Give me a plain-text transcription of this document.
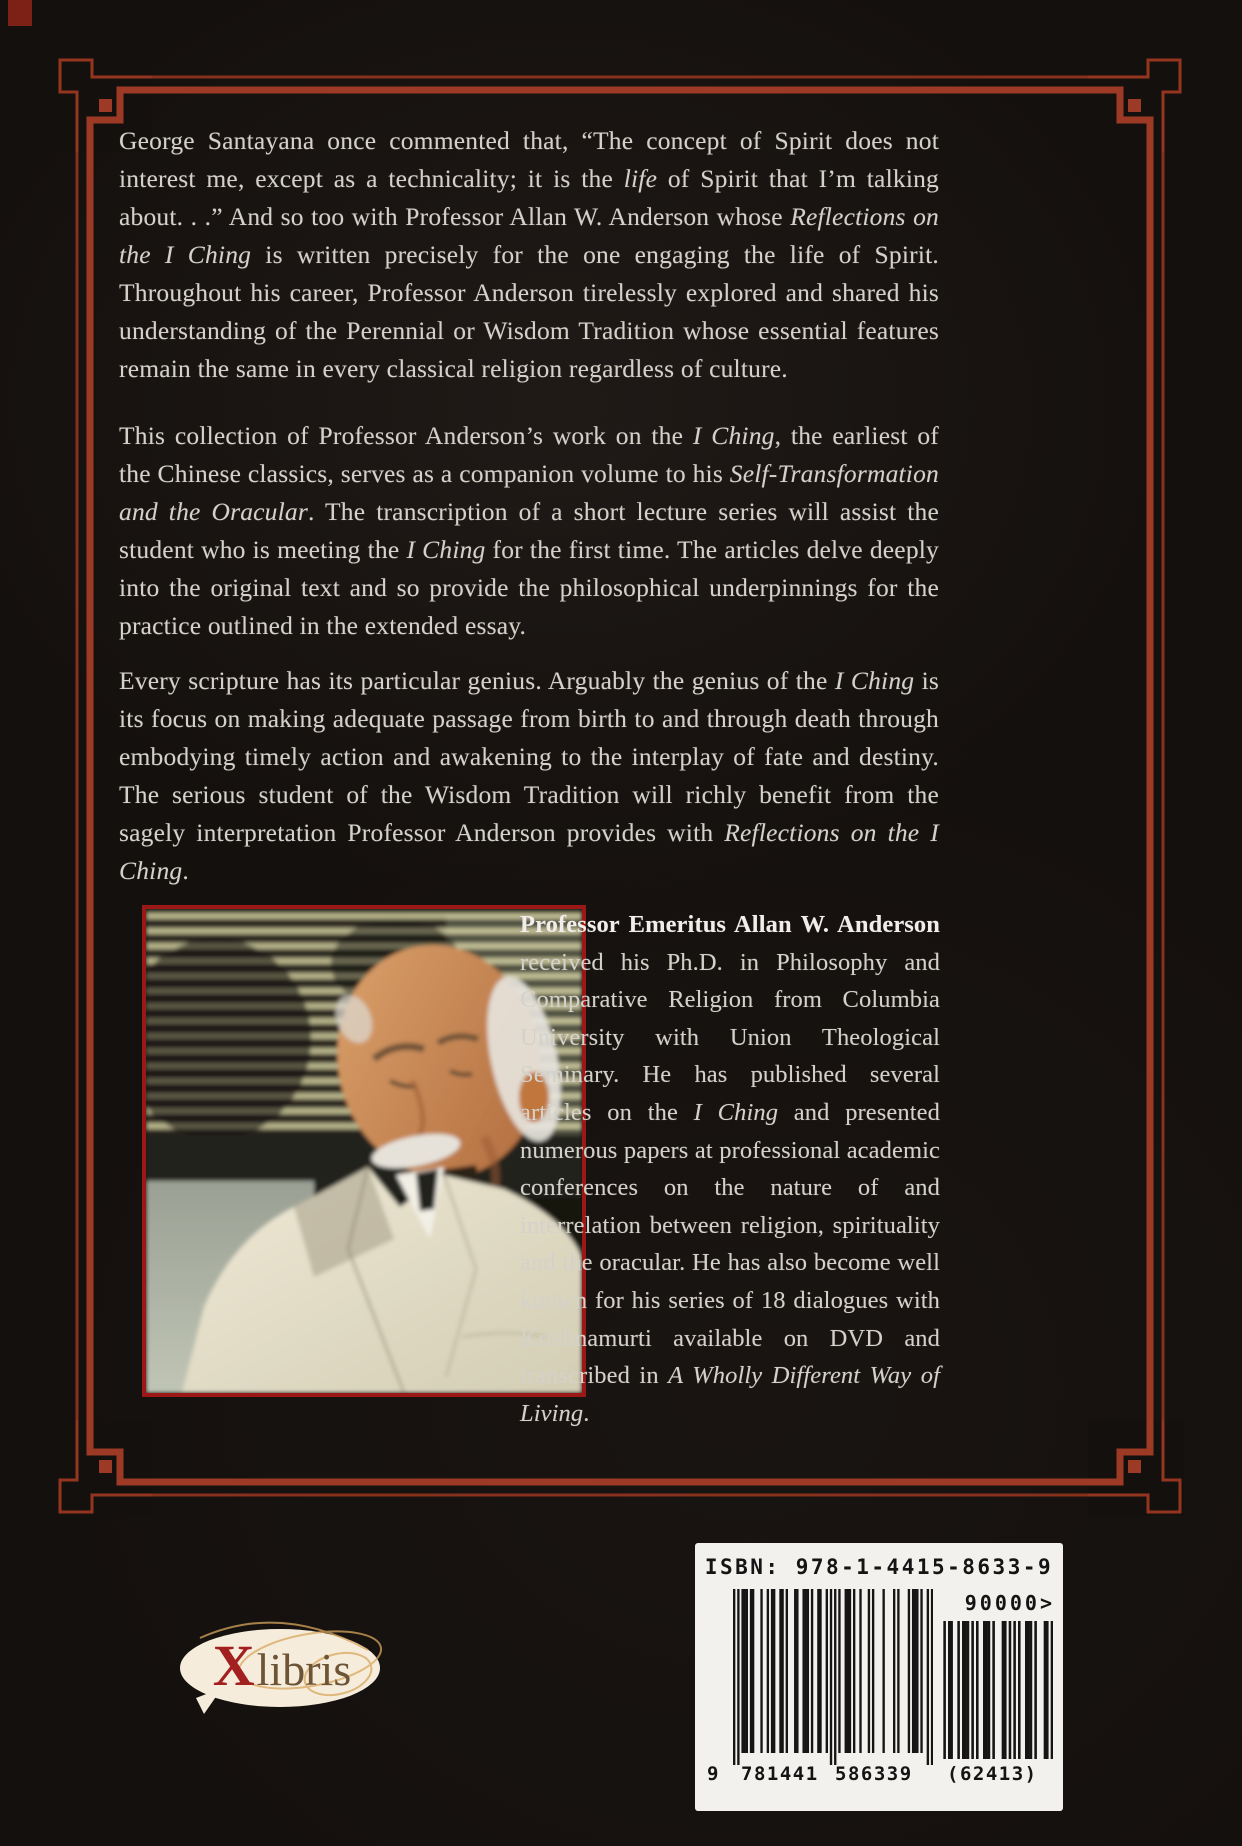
George Santayana once commented that, “The concept of Spirit does not interest me, except as a technicality; it is the life of Spirit that I’m talking about. . .” And so too with Professor Allan W. Anderson whose Reflections on the I Ching is written precisely for the one engaging the life of Spirit. Throughout his career, Professor Anderson tirelessly explored and shared his understanding of the Perennial or Wisdom Tradition whose essential features remain the same in every classical religion regardless of culture.
This collection of Professor Anderson’s work on the I Ching, the earliest of the Chinese classics, serves as a companion volume to his Self-Transformation and the Oracular. The transcription of a short lecture series will assist the student who is meeting the I Ching for the first time. The articles delve deeply into the original text and so provide the philosophical underpinnings for the practice outlined in the extended essay.
Every scripture has its particular genius. Arguably the genius of the I Ching is its focus on making adequate passage from birth to and through death through embodying timely action and awakening to the interplay of fate and destiny. The serious student of the Wisdom Tradition will richly benefit from the sagely interpretation Professor Anderson provides with Reflections on the I Ching.
Professor Emeritus Allan W. Anderson received his Ph.D. in Philosophy and Comparative Religion from Columbia University with Union Theological Seminary. He has published several articles on the I Ching and presented numerous papers at professional academic conferences on the nature of and interrelation between religion, spirituality and the oracular. He has also become well known for his series of 18 dialogues with Krishnamurti available on DVD and transcribed in A Wholly Different Way of Living.
X libris
ISBN: 978-1-4415-8633-9
90000>
9 781441 586339 (62413)
